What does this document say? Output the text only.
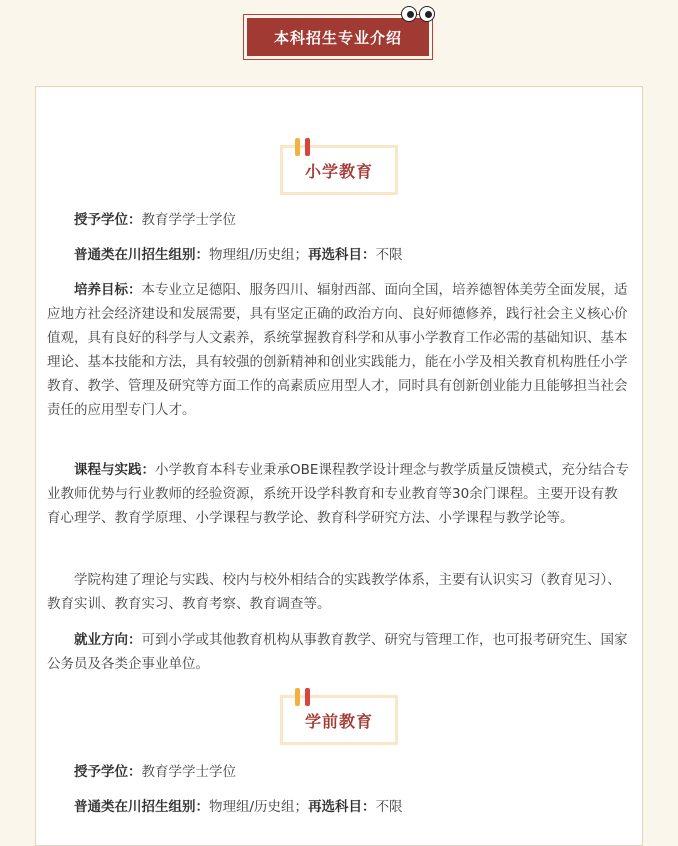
本科招生专业介绍
小学教育

授予学位：教育学学士学位

普通类在川招生组别：物理组/历史组；再选科目：不限

培养目标：本专业立足德阳、服务四川、辐射西部、面向全国，培养德智体美劳全面发展，适应地方社会经济建设和发展需要，具有坚定正确的政治方向、良好师德修养，践行社会主义核心价值观，具有良好的科学与人文素养，系统掌握教育科学和从事小学教育工作必需的基础知识、基本理论、基本技能和方法，具有较强的创新精神和创业实践能力，能在小学及相关教育机构胜任小学教育、教学、管理及研究等方面工作的高素质应用型人才，同时具有创新创业能力且能够担当社会责任的应用型专门人才。

课程与实践：小学教育本科专业秉承OBE课程教学设计理念与教学质量反馈模式，充分结合专业教师优势与行业教师的经验资源，系统开设学科教育和专业教育等30余门课程。主要开设有教育心理学、教育学原理、小学课程与教学论、教育科学研究方法、小学课程与教学论等。

学院构建了理论与实践、校内与校外相结合的实践教学体系，主要有认识实习（教育见习）、教育实训、教育实习、教育考察、教育调查等。

就业方向：可到小学或其他教育机构从事教育教学、研究与管理工作，也可报考研究生、国家公务员及各类企事业单位。

学前教育

授予学位：教育学学士学位

普通类在川招生组别：物理组/历史组；再选科目：不限
